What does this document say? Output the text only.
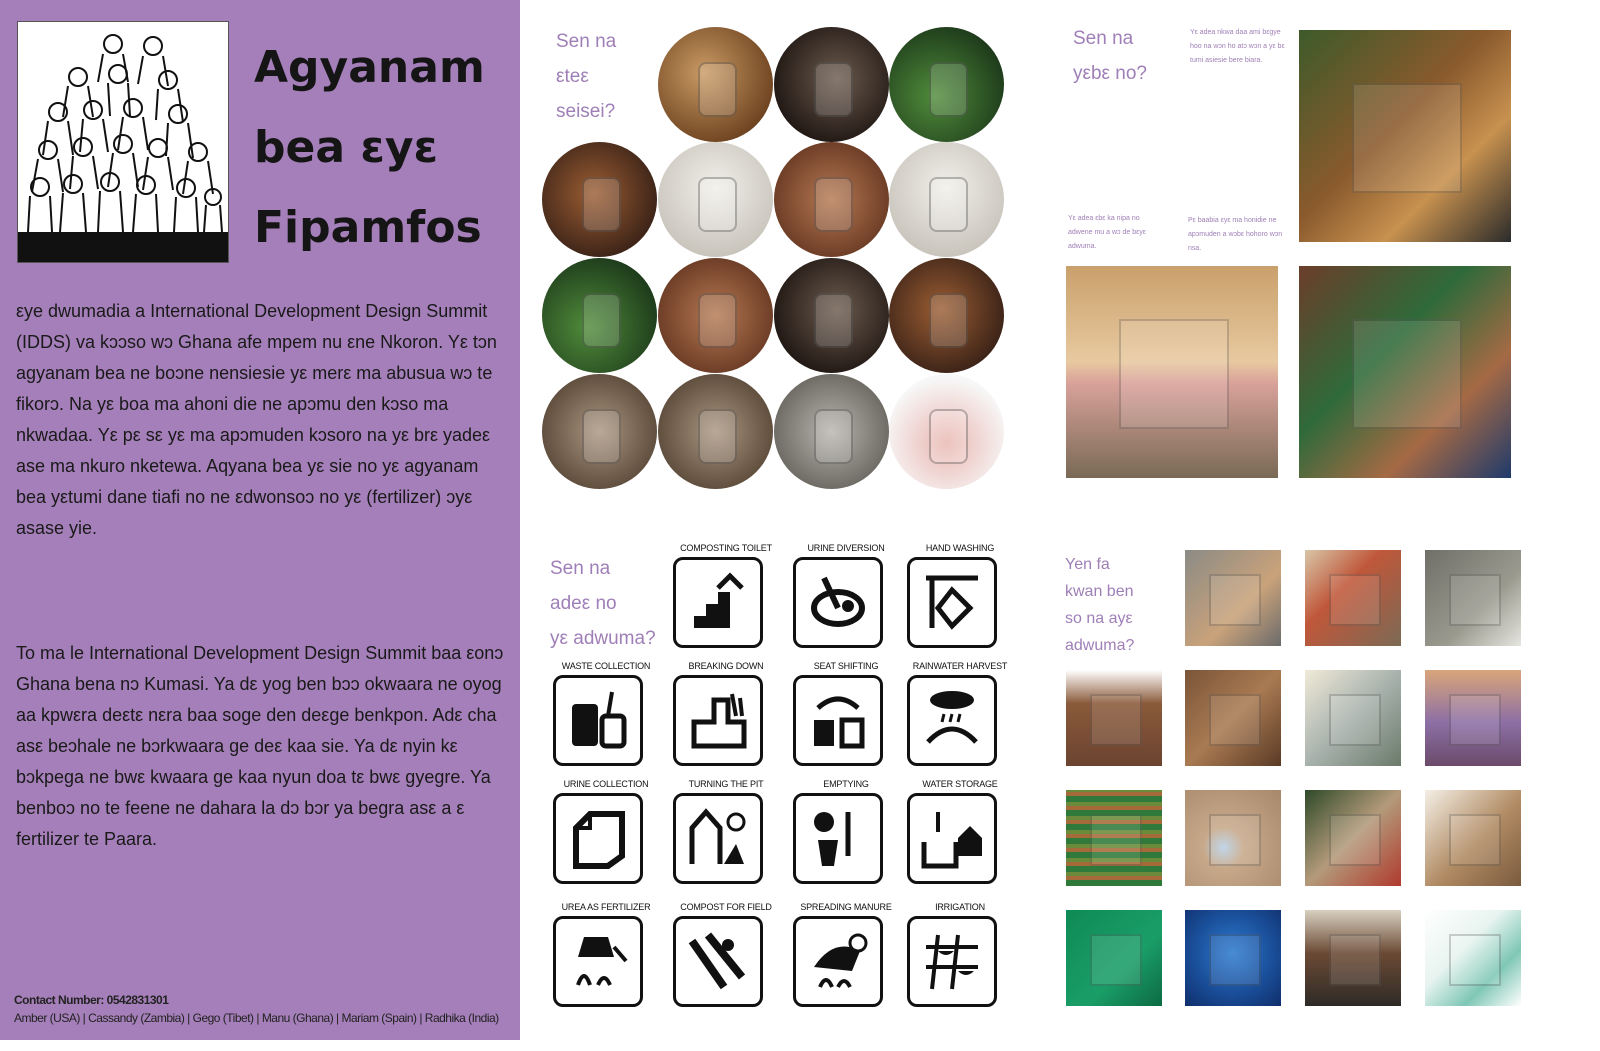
Agyanam
bea εyε
Fipamfos

εye dwumadia a International Development Design Summit (IDDS) va kɔɔso wɔ Ghana afe mpem nu εne Nkoron. Yε tɔn agyanam bea ne boɔne nensiesie yε merε ma abusua wɔ te fikorɔ. Na yε boa ma ahoni die ne apɔmu den kɔso ma nkwadaa. Yε pε sε yε ma apɔmuden kɔsoro na yε brε yadeε ase ma nkuro nketewa. Aqyana bea yε sie no yε agyanam bea yεtumi dane tiafi no ne εdwonsoɔ no yε (fertilizer) ɔyε asase yie.

To ma le International Development Design Summit baa εonɔ Ghana bena nɔ Kumasi. Ya dε yog ben bɔɔ okwaara ne oyog aa kpwεra deεtε nεra baa soge den deεge benkpon. Adε cha asε beɔhale ne bɔrkwaara ge deε kaa sie. Ya dε nyin kε bɔkpega ne bwε kwaara ge kaa nyun doa tε bwε gyegre. Ya benboɔ no te feene ne dahara la dɔ bɔr ya begra asε a ε fertilizer te Paara.

Contact Number: 0542831301
Amber (USA) | Cassandy (Zambia) | Gego (Tibet) | Manu (Ghana) | Mariam (Spain) | Radhika (India)
Sen na
εteε
seisei?
Sen na
yεbε no?

Yε adea nkwa daa ami bεgye hoo na wɔn ho atɔ wɔn a yε bε tumi asiesie bere biara.

Yε adea εbε ka nipa no adwene mu a wɔ de bεyε adwuma.

Pε baabia εyε ma honidie ne apɔmuden a wɔbε hohoro wɔn nsa.

Sen na
adeε no
yε adwuma?
COMPOSTING TOILET	URINE DIVERSION	HAND WASHING
WASTE COLLECTION	BREAKING DOWN	SEAT SHIFTING	RAINWATER HARVEST
URINE COLLECTION	TURNING THE PIT	EMPTYING	WATER STORAGE
UREA AS FERTILIZER	COMPOST FOR FIELD	SPREADING MANURE	IRRIGATION
Yen fa
kwan ben
so na ayε
adwuma?
